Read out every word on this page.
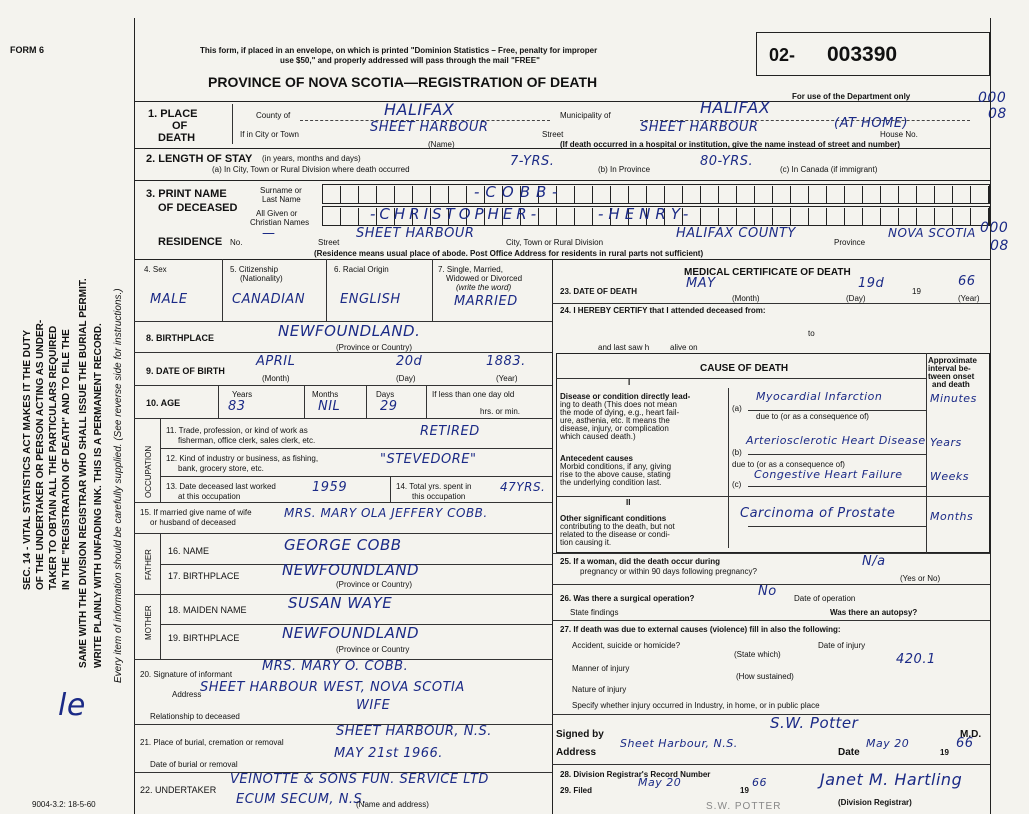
FORM 6
SEC. 14 - VITAL STATISTICS ACT MAKES IT THE DUTY OF THE UNDERTAKER OR PERSON ACTING AS UNDER- TAKER TO OBTAIN ALL THE PARTICULARS REQUIRED IN THE "REGISTRATION OF DEATH" AND TO FILE THE SAME WITH THE DIVISION REGISTRAR WHO SHALL ISSUE THE BURIAL PERMIT. WRITE PLAINLY WITH UNFADING INK. THIS IS A PERMANENT RECORD. Every item of information should be carefully supplied. (See reverse side for instructions.)
le
9004-3.2: 18-5-60
This form, if placed in an envelope, on which is printed "Dominion Statistics – Free, penalty for improper
use $50," and properly addressed will pass through the mail "FREE"
PROVINCE OF NOVA SCOTIA—REGISTRATION OF DEATH
02- 003390
For use of the Department only
1. PLACE
OF
DEATH
County of	HALIFAX	Municipality of	HALIFAX
If in City or Town	SHEET HARBOUR
(Name)
Street	SHEET HARBOUR	(AT HOME)
House No.
(If death occurred in a hospital or institution, give the name instead of street and number)
000
08
2. LENGTH OF STAY (in years, months and days)
(a) In City, Town or Rural Division where death occurred
7-YRS.
(b) In Province
80-YRS.
(c) In Canada (if immigrant)
3. PRINT NAME
OF DECEASED
Surname or
Last Name
All Given or
Christian Names
-COBB-
-CHRISTOPHER-	-HENRY-
RESIDENCE No.
—
Street
SHEET HARBOUR
City, Town or Rural Division
HALIFAX COUNTY
Province
NOVA SCOTIA 000
08
(Residence means usual place of abode. Post Office Address for residents in rural parts not sufficient)
4. Sex
MALE
5. Citizenship
(Nationality)
CANADIAN
6. Racial Origin
ENGLISH
7. Single, Married,
Widowed or Divorced
(write the word)
MARRIED
8. BIRTHPLACE	NEWFOUNDLAND.
(Province or Country)
9. DATE OF BIRTH
APRIL	20d	1883.
(Month)	(Day)	(Year)
10. AGE
Years
83
Months
NIL
Days
29
If less than one day old
hrs. or min.
OCCUPATION
11. Trade, profession, or kind of work as
fisherman, office clerk, sales clerk, etc.
RETIRED
12. Kind of industry or business, as fishing,
bank, grocery store, etc.
"STEVEDORE"
13. Date deceased last worked
at this occupation
1959	14. Total yrs. spent in
this occupation
47YRS.
15. If married give name of wife
or husband of deceased
MRS. MARY OLA JEFFERY COBB.
FATHER 16. NAME	GEORGE COBB
17. BIRTHPLACE	NEWFOUNDLAND
(Province or Country)
MOTHER 18. MAIDEN NAME	SUSAN WAYE
19. BIRTHPLACE	NEWFOUNDLAND
(Province or Country
20. Signature of informant
MRS. MARY O. COBB.
Address
SHEET HARBOUR WEST, NOVA SCOTIA
Relationship to deceased
WIFE
21. Place of burial, cremation or removal
SHEET HARBOUR, N.S.
Date of burial or removal
MAY 21st 1966.
22. UNDERTAKER
VEINOTTE & SONS FUN. SERVICE LTD
ECUM SECUM, N.S.
(Name and address)
MEDICAL CERTIFICATE OF DEATH
23. DATE OF DEATH
MAY	19d
19
66
(Month)	(Day)	(Year)
24. I HEREBY CERTIFY that I attended deceased from:
to
and last saw h	alive on
CAUSE OF DEATH
Approximate
interval be-
tween onset
and death
I
Disease or condition directly lead-
ing to death (This does not mean
the mode of dying, e.g., heart fail-
ure, asthenia, etc. It means the
disease, injury, or complication
which caused death.)
(a)
Myocardial Infarction
due to (or as a consequence of)
Minutes
Antecedent causes
Morbid conditions, if any, giving
rise to the above cause, stating
the underlying condition last.
(b)
Arteriosclerotic Heart Disease
due to (or as a consequence of)
Years
(c)
Congestive Heart Failure Weeks
II
Other significant conditions
contributing to the death, but not
related to the disease or condi-
tion causing it.
Carcinoma of Prostate	Months
25. If a woman, did the death occur during
pregnancy or within 90 days following pregnancy?
N/a
(Yes or No)
26. Was there a surgical operation?	No Date of operation
State findings	Was there an autopsy?
27. If death was due to external causes (violence) fill in also the following:
Accident, suicide or homicide?
(State which)
Date of injury
Manner of injury
420.1
(How sustained)
Nature of injury
Specify whether injury occurred in Industry, in home, or in public place
Signed by
S.W. Potter
M.D.
Address
Sheet Harbour, N.S.
Date
May 20
19
66
28. Division Registrar's Record Number
29. Filed
May 20
19
66	Janet M. Hartling
(Division Registrar)
S.W. POTTER
